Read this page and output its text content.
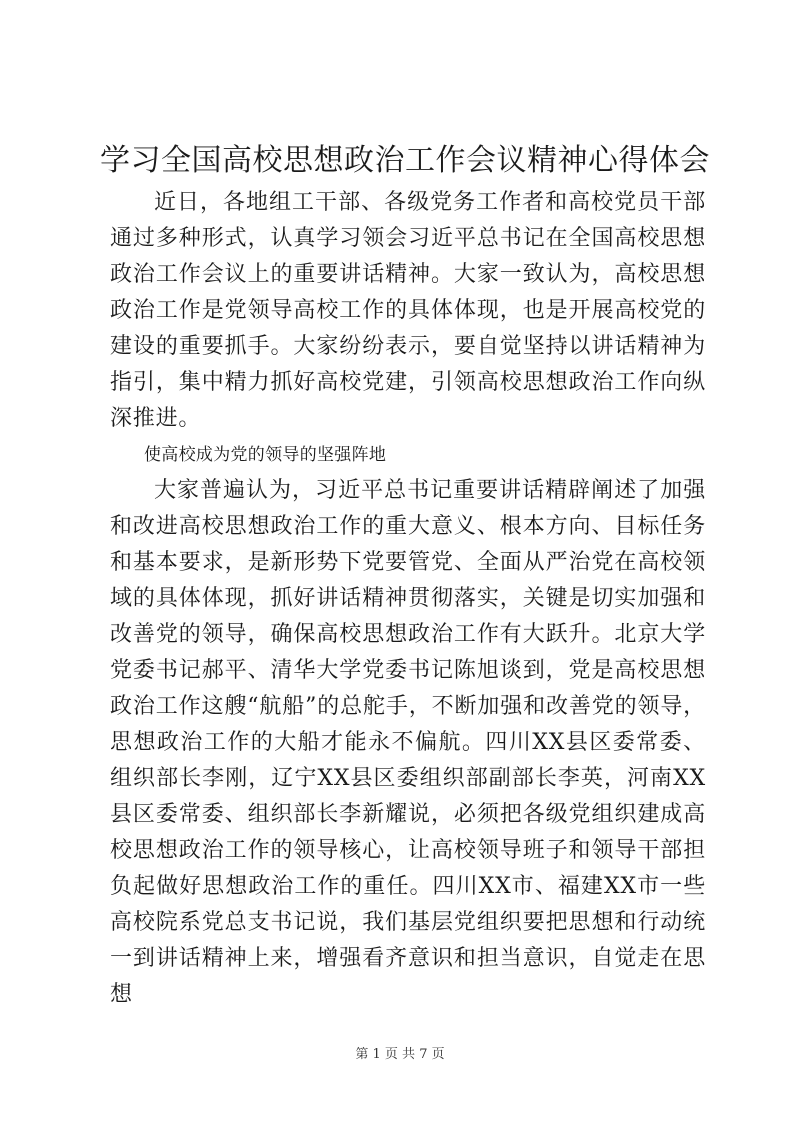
学习全国高校思想政治工作会议精神心得体会

近日，各地组工干部、各级党务工作者和高校党员干部通过多种形式，认真学习领会习近平总书记在全国高校思想政治工作会议上的重要讲话精神。大家一致认为，高校思想政治工作是党领导高校工作的具体体现，也是开展高校党的建设的重要抓手。大家纷纷表示，要自觉坚持以讲话精神为指引，集中精力抓好高校党建，引领高校思想政治工作向纵深推进。

使高校成为党的领导的坚强阵地

大家普遍认为，习近平总书记重要讲话精辟阐述了加强和改进高校思想政治工作的重大意义、根本方向、目标任务和基本要求，是新形势下党要管党、全面从严治党在高校领域的具体体现，抓好讲话精神贯彻落实，关键是切实加强和改善党的领导，确保高校思想政治工作有大跃升。北京大学党委书记郝平、清华大学党委书记陈旭谈到，党是高校思想政治工作这艘“航船”的总舵手，不断加强和改善党的领导，思想政治工作的大船才能永不偏航。四川XX县区委常委、组织部长李刚，辽宁XX县区委组织部副部长李英，河南XX县区委常委、组织部长李新耀说，必须把各级党组织建成高校思想政治工作的领导核心，让高校领导班子和领导干部担负起做好思想政治工作的重任。四川XX市、福建XX市一些高校院系党总支书记说，我们基层党组织要把思想和行动统一到讲话精神上来，增强看齐意识和担当意识，自觉走在思想

第 1 页 共 7 页
